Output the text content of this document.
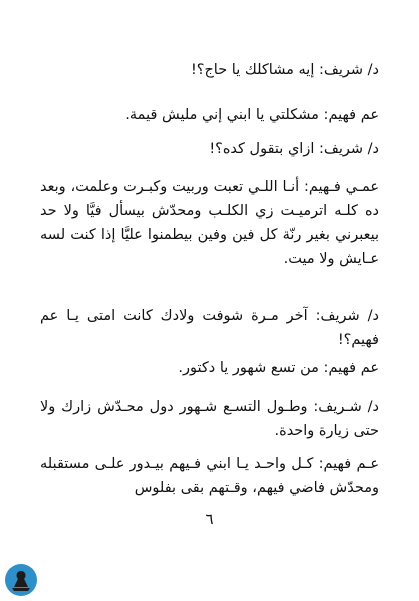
د/ شريف: إيه مشاكلك يا حاج؟!

عم فهيم: مشكلتي يا ابني إني مليش قيمة.

د/ شريف: ازاي بتقول كده؟!

عمـي فـهيم: أنـا اللـي تعبت وربيت وكبـرت وعلمت، وبعد ده كلـه اترميـت زي الكلـب ومحدّش بيسأل فيَّا ولا حد بيعبرني بغير رنّة كل فين وفين بيطمنوا عليَّا إذا كنت لسه عـايش ولا ميت.

د/ شريف: آخر مـرة شوفت ولادك كانت امتى يـا عم فهيم؟!

عم فهيم: من تسع شهور يا دكتور.

د/ شـريف: وطـول التسـع شـهور دول محـدّش زارك ولا حتى زيارة واحدة.

عـم فهيم: كـل واحـد يـا ابني فـيهم بيـدور علـى مستقبله ومحدّش فاضي فيهم، وقـتهم بقى بفلوس

٦
